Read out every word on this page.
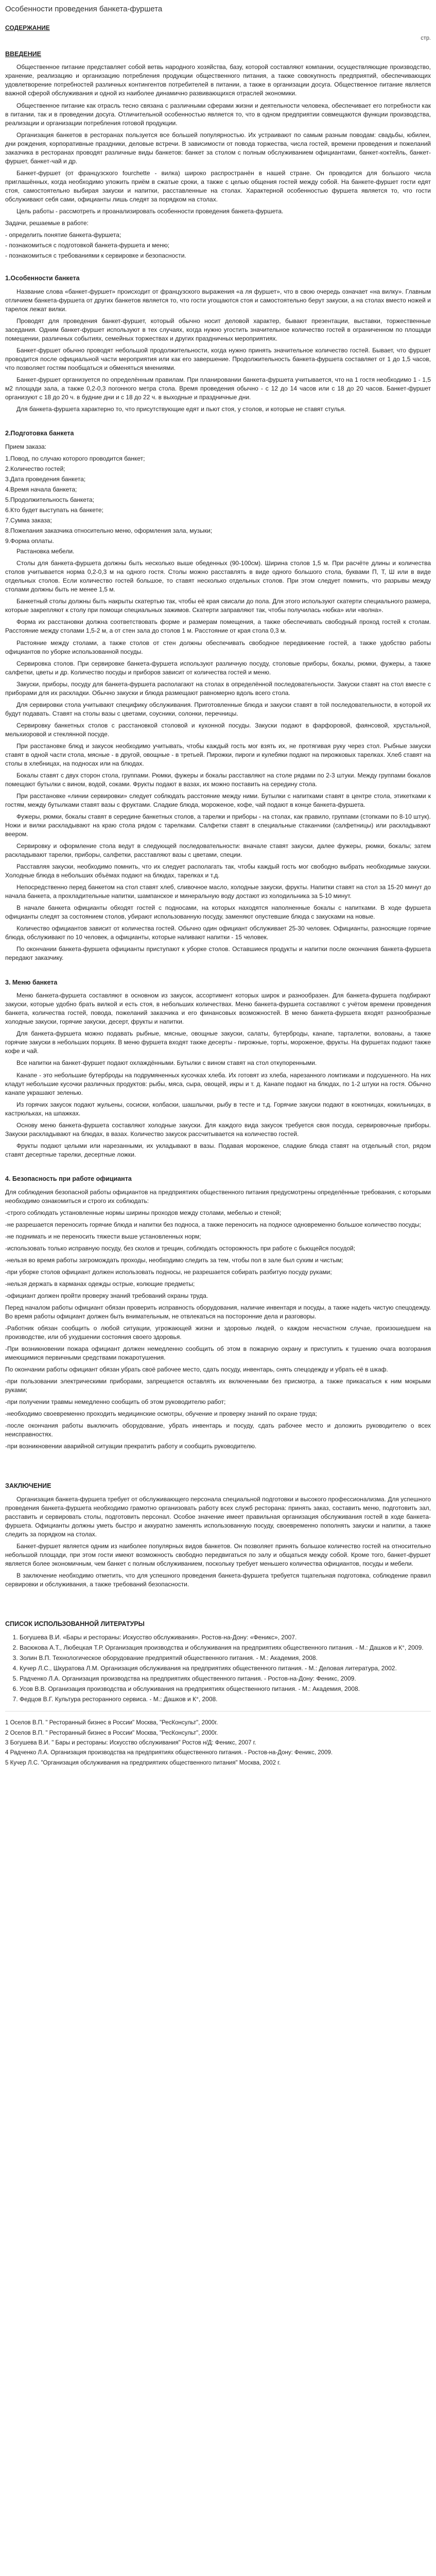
Особенности проведения банкета-фуршета
СОДЕРЖАНИЕ
стр.
ВВЕДЕНИЕ

Общественное питание представляет собой ветвь народного хозяйства, базу, которой составляют компании, осуществляющие производство, хранение, реализацию и организацию потребления продукции общественного питания, а также совокупность предприятий, обеспечивающих удовлетворение потребностей различных контингентов потребителей в питании, а также в организации досуга. Общественное питание является важной сферой обслуживания и одной из наиболее динамично развивающихся отраслей экономики.

Общественное питание как отрасль тесно связана с различными сферами жизни и деятельности человека, обеспечивает его потребности как в питании, так и в проведении досуга. Отличительной особенностью является то, что в одном предприятии совмещаются функции производства, реализации и организации потребления готовой продукции.

Организация банкетов в ресторанах пользуется все большей популярностью. Их устраивают по самым разным поводам: свадьбы, юбилеи, дни рождения, корпоративные праздники, деловые встречи. В зависимости от повода торжества, числа гостей, времени проведения и пожеланий заказчика в ресторанах проводят различные виды банкетов: банкет за столом с полным обслуживанием официантами, банкет-коктейль, банкет-фуршет, банкет-чай и др.

Банкет-фуршет (от французского fourchette - вилка) широко распространён в нашей стране. Он проводится для большого числа приглашённых, когда необходимо уложить приём в сжатые сроки, а также с целью общения гостей между собой. На банкете-фуршет гости едят стоя, самостоятельно выбирая закуски и напитки, расставленные на столах. Характерной особенностью фуршета является то, что гости обслуживают себя сами, официанты лишь следят за порядком на столах.

Цель работы - рассмотреть и проанализировать особенности проведения банкета-фуршета.

Задачи, решаемые в работе:

- определить понятие банкета-фуршета;
- познакомиться с подготовкой банкета-фуршета и меню;
- познакомиться с требованиями к сервировке и безопасности.
1.Особенности банкета

Название слова «банкет-фуршет» происходит от французского выражения «а ля фуршет», что в свою очередь означает «на вилку». Главным отличием банкета-фуршета от других банкетов является то, что гости угощаются стоя и самостоятельно берут закуски, а на столах вместо ножей и тарелок лежат вилки.

Проводят для проведения банкет-фуршет, который обычно носит деловой характер, бывают презентации, выставки, торжественные заседания. Одним банкет-фуршет используют в тех случаях, когда нужно угостить значительное количество гостей в ограниченном по площади помещении, различных событиях, семейных торжествах и других праздничных мероприятиях.

Банкет-фуршет обычно проводят небольшой продолжительности, когда нужно принять значительное количество гостей. Бывает, что фуршет проводится после официальной части мероприятия или как его завершение. Продолжительность банкета-фуршета составляет от 1 до 1,5 часов, что позволяет гостям пообщаться и обменяться мнениями.

Банкет-фуршет организуется по определённым правилам. При планировании банкета-фуршета учитывается, что на 1 гостя необходимо 1 - 1,5 м2 площади зала, а также 0,2-0,3 погонного метра стола. Время проведения обычно - с 12 до 14 часов или с 18 до 20 часов. Банкет-фуршет организуют с 18 до 20 ч. в будние дни и с 18 до 22 ч. в выходные и праздничные дни.

Для банкета-фуршета характерно то, что присутствующие едят и пьют стоя, у столов, и которые не ставят стулья.

2.Подготовка банкета

Прием заказа:

1.Повод, по случаю которого проводится банкет;
2.Количество гостей;
3.Дата проведения банкета;
4.Время начала банкета;
5.Продолжительность банкета;
6.Кто будет выступать на банкете;
7.Сумма заказа;
8.Пожелания заказчика относительно меню, оформления зала, музыки;
9.Форма оплаты.

Растановка мебели.

Столы для банкета-фуршета должны быть несколько выше обеденных (90-100см). Ширина столов 1,5 м. При расчёте длины и количества столов учитывается норма 0,2-0,3 м на одного гостя. Столы можно расставлять в виде одного большого стола, буквами П, Т, Ш или в виде отдельных столов. Если количество гостей большое, то ставят несколько отдельных столов. При этом следует помнить, что разрывы между столами должны быть не менее 1,5 м.

Банкетный столы должны быть накрыты скатертью так, чтобы её края свисали до пола. Для этого используют скатерти специального размера, которые закрепляют к столу при помощи специальных зажимов. Скатерти заправляют так, чтобы получилась «юбка» или «волна».

Форма их расстановки должна соответствовать форме и размерам помещения, а также обеспечивать свободный проход гостей к столам. Расстояние между столами 1,5-2 м, а от стен зала до столов 1 м. Расстояние от края стола 0,3 м.

Растояние между столами, а также столов от стен должны обеспечивать свободное передвижение гостей, а также удобство работы официантов по уборке использованной посуды.

Сервировка столов. При сервировке банкета-фуршета используют различную посуду, столовые приборы, бокалы, рюмки, фужеры, а также салфетки, цветы и др. Количество посуды и приборов зависит от количества гостей и меню.

Закуски, приборы, посуду для банкета-фуршета располагают на столах в определённой последовательности. Закуски ставят на стол вместе с приборами для их раскладки. Обычно закуски и блюда размещают равномерно вдоль всего стола.

Для сервировки стола учитывают специфику обслуживания. Приготовленные блюда и закуски ставят в той последовательности, в которой их будут подавать. Ставят на столы вазы с цветами, соусники, солонки, перечницы.

Сервировку банкетных столов с расстановкой столовой и кухонной посуды. Закуски подают в фарфоровой, фаянсовой, хрустальной, мельхиоровой и стеклянной посуде.

При расстановке блюд и закусок необходимо учитывать, чтобы каждый гость мог взять их, не протягивая руку через стол. Рыбные закуски ставят в одной части стола, мясные - в другой, овощные - в третьей. Пирожки, пироги и кулебяки подают на пирожковых тарелках. Хлеб ставят на столы в хлебницах, на подносах или на блюдах.

Бокалы ставят с двух сторон стола, группами. Рюмки, фужеры и бокалы расставляют на столе рядами по 2-3 штуки. Между группами бокалов помещают бутылки с вином, водой, соками. Фрукты подают в вазах, их можно поставить на середину стола.

При расстановке «линии сервировки» следует соблюдать расстояние между ними. Бутылки с напитками ставят в центре стола, этикетками к гостям, между бутылками ставят вазы с фруктами. Сладкие блюда, мороженое, кофе, чай подают в конце банкета-фуршета.

Фужеры, рюмки, бокалы ставят в середине банкетных столов, а тарелки и приборы - на столах, как правило, группами (стопками по 8-10 штук). Ножи и вилки раскладывают на краю стола рядом с тарелками. Салфетки ставят в специальные стаканчики (салфетницы) или раскладывают веером.

Сервировку и оформление стола ведут в следующей последовательности: вначале ставят закуски, далее фужеры, рюмки, бокалы; затем раскладывают тарелки, приборы, салфетки, расставляют вазы с цветами, специи.

Расставляя закуски, необходимо помнить, что их следует располагать так, чтобы каждый гость мог свободно выбрать необходимые закуски. Холодные блюда в небольших объёмах подают на блюдах, тарелках и т.д.

Непосредственно перед банкетом на стол ставят хлеб, сливочное масло, холодные закуски, фрукты. Напитки ставят на стол за 15-20 минут до начала банкета, а прохладительные напитки, шампанское и минеральную воду достают из холодильника за 5-10 минут.

В начале банкета официанты обходят гостей с подносами, на которых находятся наполненные бокалы с напитками. В ходе фуршета официанты следят за состоянием столов, убирают использованную посуду, заменяют опустевшие блюда с закусками на новые.

Количество официантов зависит от количества гостей. Обычно один официант обслуживает 25-30 человек. Официанты, разносящие горячие блюда, обслуживают по 10 человек, а официанты, которые наливают напитки - 15 человек.

По окончании банкета-фуршета официанты приступают к уборке столов. Оставшиеся продукты и напитки после окончания банкета-фуршета передают заказчику.

3. Меню банкета

Меню банкета-фуршета составляют в основном из закусок, ассортимент которых широк и разнообразен. Для банкета-фуршета подбирают закуски, которые удобно брать вилкой и есть стоя, в небольших количествах. Меню банкета-фуршета составляют с учётом времени проведения банкета, количества гостей, повода, пожеланий заказчика и его финансовых возможностей. В меню банкета-фуршета входят разнообразные холодные закуски, горячие закуски, десерт, фрукты и напитки.

Для банкета-фуршета можно подавать рыбные, мясные, овощные закуски, салаты, бутерброды, канапе, тарталетки, волованы, а также горячие закуски в небольших порциях. В меню фуршета входят также десерты - пирожные, торты, мороженое, фрукты. На фуршетах подают также кофе и чай.

Все напитки на банкет-фуршет подают охлаждёнными. Бутылки с вином ставят на стол откупоренными.

Канапе - это небольшие бутерброды на подрумяненных кусочках хлеба. Их готовят из хлеба, нарезанного ломтиками и подсушенного. На них кладут небольшие кусочки различных продуктов: рыбы, мяса, сыра, овощей, икры и т. д. Канапе подают на блюдах, по 1-2 штуки на гостя. Обычно канапе украшают зеленью.

Из горячих закусок подают жульены, сосиски, колбаски, шашлычки, рыбу в тесте и т.д. Горячие закуски подают в кокотницах, кокильницах, в кастрюльках, на шпажках.

Основу меню банкета-фуршета составляют холодные закуски. Для каждого вида закусок требуется своя посуда, сервировочные приборы. Закуски раскладывают на блюдах, в вазах. Количество закусок рассчитывается на количество гостей.

Фрукты подают целыми или нарезанными, их укладывают в вазы. Подавая мороженое, сладкие блюда ставят на отдельный стол, рядом ставят десертные тарелки, десертные ложки.

4. Безопасность при работе официанта

Для соблюдения безопасной работы официантов на предприятиях общественного питания предусмотрены определённые требования, с которыми необходимо ознакомиться и строго их соблюдать:

-строго соблюдать установленные нормы ширины проходов между столами, мебелью и стеной;

-не разрешается переносить горячие блюда и напитки без подноса, а также переносить на подносе одновременно большое количество посуды;

-не поднимать и не переносить тяжести выше установленных норм;

-использовать только исправную посуду, без сколов и трещин, соблюдать осторожность при работе с бьющейся посудой;

-нельзя во время работы загромождать проходы, необходимо следить за тем, чтобы пол в зале был сухим и чистым;

-при уборке столов официант должен использовать подносы, не разрешается собирать разбитую посуду руками;

-нельзя держать в карманах одежды острые, колющие предметы;

-официант должен пройти проверку знаний требований охраны труда.

Перед началом работы официант обязан проверить исправность оборудования, наличие инвентаря и посуды, а также надеть чистую спецодежду. Во время работы официант должен быть внимательным, не отвлекаться на посторонние дела и разговоры.

-Работник обязан сообщить о любой ситуации, угрожающей жизни и здоровью людей, о каждом несчастном случае, произошедшем на производстве, или об ухудшении состояния своего здоровья.

-При возникновении пожара официант должен немедленно сообщить об этом в пожарную охрану и приступить к тушению очага возгорания имеющимися первичными средствами пожаротушения.

По окончании работы официант обязан убрать своё рабочее место, сдать посуду, инвентарь, снять спецодежду и убрать её в шкаф.

-при пользовании электрическими приборами, запрещается оставлять их включенными без присмотра, а также прикасаться к ним мокрыми руками;

-при получении травмы немедленно сообщить об этом руководителю работ;

-необходимо своевременно проходить медицинские осмотры, обучение и проверку знаний по охране труда;

-после окончания работы выключить оборудование, убрать инвентарь и посуду, сдать рабочее место и доложить руководителю о всех неисправностях.

-при возникновении аварийной ситуации прекратить работу и сообщить руководителю.

ЗАКЛЮЧЕНИЕ

Организация банкета-фуршета требует от обслуживающего персонала специальной подготовки и высокого профессионализма. Для успешного проведения банкета-фуршета необходимо грамотно организовать работу всех служб ресторана: принять заказ, составить меню, подготовить зал, расставить и сервировать столы, подготовить персонал. Особое значение имеет правильная организация обслуживания гостей в ходе банкета-фуршета. Официанты должны уметь быстро и аккуратно заменять использованную посуду, своевременно пополнять закуски и напитки, а также следить за порядком на столах.

Банкет-фуршет является одним из наиболее популярных видов банкетов. Он позволяет принять большое количество гостей на относительно небольшой площади, при этом гости имеют возможность свободно передвигаться по залу и общаться между собой. Кроме того, банкет-фуршет является более экономичным, чем банкет с полным обслуживанием, поскольку требует меньшего количества официантов, посуды и мебели.

В заключение необходимо отметить, что для успешного проведения банкета-фуршета требуется тщательная подготовка, соблюдение правил сервировки и обслуживания, а также требований безопасности.

СПИСОК ИСПОЛЬЗОВАННОЙ ЛИТЕРАТУРЫ
1. Богушева В.И. «Бары и рестораны: Искусство обслуживания». Ростов-на-Дону: «Феникс», 2007.
2. Васюкова А.Т., Любецкая Т.Р. Организация производства и обслуживания на предприятиях общественного питания. - М.: Дашков и К°, 2009.
3. Золин В.П. Технологическое оборудование предприятий общественного питания. - М.: Академия, 2008.
4. Кучер Л.С., Шкуратова Л.М. Организация обслуживания на предприятиях общественного питания. - М.: Деловая литература, 2002.
5. Радченко Л.А. Организация производства на предприятиях общественного питания. - Ростов-на-Дону: Феникс, 2009.
6. Усов В.В. Организация производства и обслуживания на предприятиях общественного питания. - М.: Академия, 2008.
7. Федцов В.Г. Культура ресторанного сервиса. - М.: Дашков и К°, 2008.
1 Оселов В.П. " Ресторанный бизнес в России" Москва, "РесКонсульт", 2000г.
2 Оселов В.П. " Ресторанный бизнес в России" Москва, "РесКонсульт", 2000г.
3 Богушева В.И. " Бары и рестораны: Искусство обслуживания" Ростов н/Д: Феникс, 2007 г.
4 Радченко Л.А. Организация производства на предприятиях общественного питания. - Ростов-на-Дону: Феникс, 2009.
5 Кучер Л.С. "Организация обслуживания на предприятиях общественного питания" Москва, 2002 г.
